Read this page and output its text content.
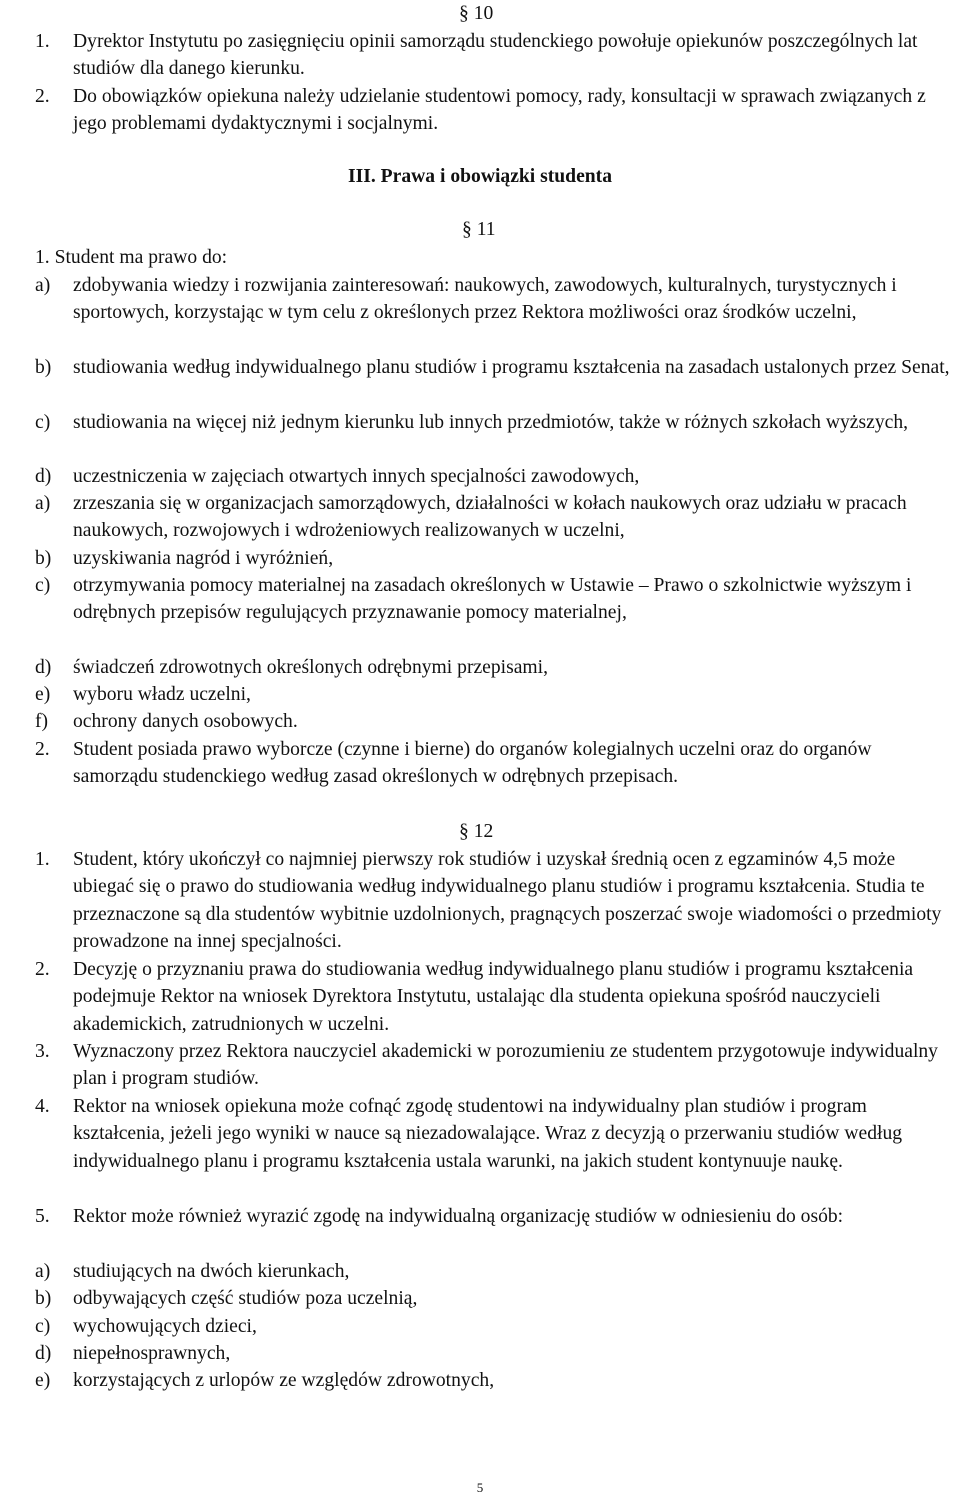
§ 10
1. Dyrektor Instytutu po zasięgnięciu opinii samorządu studenckiego powołuje opiekunów poszczególnych lat studiów dla danego kierunku.

2. Do obowiązków opiekuna należy udzielanie studentowi pomocy, rady, konsultacji w sprawach związanych z jego problemami dydaktycznymi i socjalnymi.

III. Prawa i obowiązki studenta
§ 11

1. Student ma prawo do:

a) zdobywania wiedzy i rozwijania zainteresowań: naukowych, zawodowych, kulturalnych, turystycznych i sportowych, korzystając w tym celu z określonych przez Rektora możliwości oraz środków uczelni,

b) studiowania według indywidualnego planu studiów i programu kształcenia na zasadach ustalonych przez Senat,

c) studiowania na więcej niż jednym kierunku lub innych przedmiotów, także w różnych szkołach wyższych,

d) uczestniczenia w zajęciach otwartych innych specjalności zawodowych,

a) zrzeszania się w organizacjach samorządowych, działalności w kołach naukowych oraz udziału w pracach naukowych, rozwojowych i wdrożeniowych realizowanych w uczelni,

b) uzyskiwania nagród i wyróżnień,

c) otrzymywania pomocy materialnej na zasadach określonych w Ustawie – Prawo o szkolnictwie wyższym i odrębnych przepisów regulujących przyznawanie pomocy materialnej,

d) świadczeń zdrowotnych określonych odrębnymi przepisami,

e) wyboru władz uczelni,

f) ochrony danych osobowych.

2. Student posiada prawo wyborcze (czynne i bierne) do organów kolegialnych uczelni oraz do organów samorządu studenckiego według zasad określonych w odrębnych przepisach.

§ 12
1. Student, który ukończył co najmniej pierwszy rok studiów i uzyskał średnią ocen z egzaminów 4,5 może ubiegać się o prawo do studiowania według indywidualnego planu studiów i programu kształcenia. Studia te przeznaczone są dla studentów wybitnie uzdolnionych, pragnących poszerzać swoje wiadomości o przedmioty prowadzone na innej specjalności.

2. Decyzję o przyznaniu prawa do studiowania według indywidualnego planu studiów i programu kształcenia podejmuje Rektor na wniosek Dyrektora Instytutu, ustalając dla studenta opiekuna spośród nauczycieli akademickich, zatrudnionych w uczelni.

3. Wyznaczony przez Rektora nauczyciel akademicki w porozumieniu ze studentem przygotowuje indywidualny plan i program studiów.

4. Rektor na wniosek opiekuna może cofnąć zgodę studentowi na indywidualny plan studiów i program kształcenia, jeżeli jego wyniki w nauce są niezadowalające. Wraz z decyzją o przerwaniu studiów według indywidualnego planu i programu kształcenia ustala warunki, na jakich student kontynuuje naukę.

5. Rektor może również wyrazić zgodę na indywidualną organizację studiów w odniesieniu do osób:

a) studiujących na dwóch kierunkach,

b) odbywających część studiów poza uczelnią,

c) wychowujących dzieci,

d) niepełnosprawnych,

e) korzystających z urlopów ze względów zdrowotnych,

5
